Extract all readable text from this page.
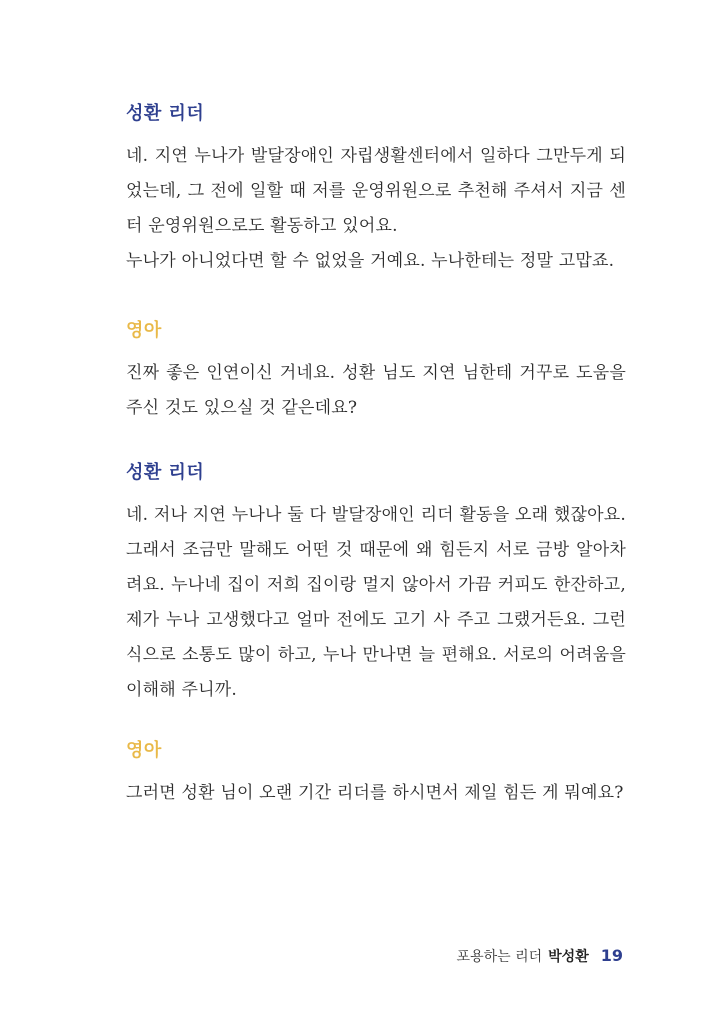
성환 리더

네. 지연 누나가 발달장애인 자립생활센터에서 일하다 그만두게 되었는데, 그 전에 일할 때 저를 운영위원으로 추천해 주셔서 지금 센터 운영위원으로도 활동하고 있어요.

누나가 아니었다면 할 수 없었을 거예요. 누나한테는 정말 고맙죠.

영아

진짜 좋은 인연이신 거네요. 성환 님도 지연 님한테 거꾸로 도움을 주신 것도 있으실 것 같은데요?

성환 리더

네. 저나 지연 누나나 둘 다 발달장애인 리더 활동을 오래 했잖아요. 그래서 조금만 말해도 어떤 것 때문에 왜 힘든지 서로 금방 알아차려요. 누나네 집이 저희 집이랑 멀지 않아서 가끔 커피도 한잔하고, 제가 누나 고생했다고 얼마 전에도 고기 사 주고 그랬거든요. 그런 식으로 소통도 많이 하고, 누나 만나면 늘 편해요. 서로의 어려움을 이해해 주니까.

영아

그러면 성환 님이 오랜 기간 리더를 하시면서 제일 힘든 게 뭐예요?

포용하는 리더 박성환 19
